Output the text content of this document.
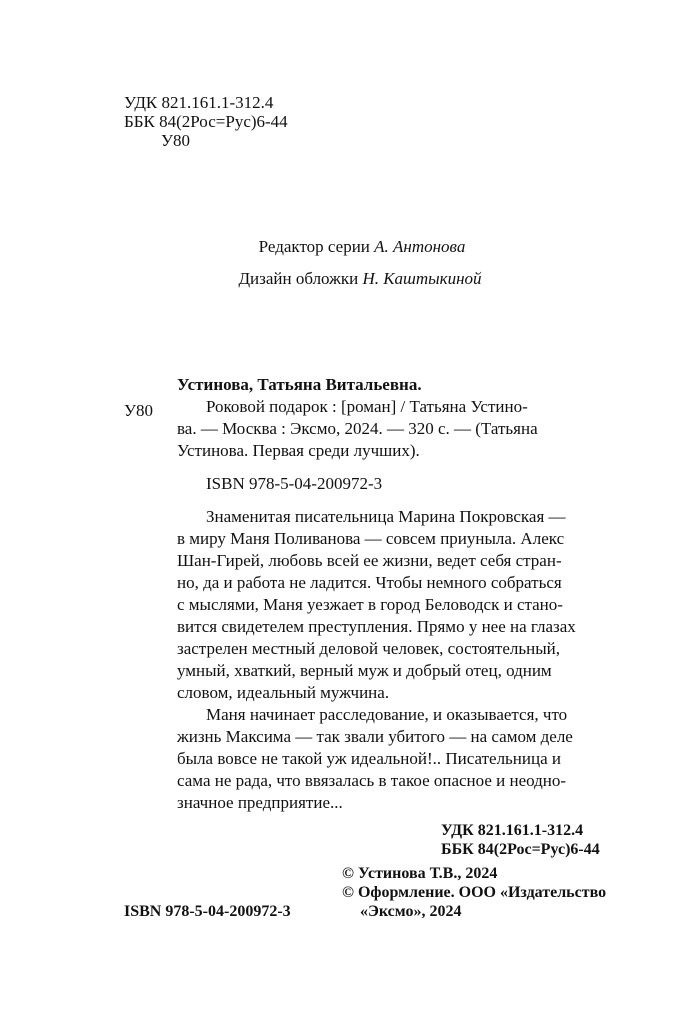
УДК 821.161.1-312.4
ББК 84(2Рос=Рус)6-44
У80
Редактор серии А. Антонова
Дизайн обложки Н. Каштыкиной
Устинова, Татьяна Витальевна.
У80	Роковой подарок : [роман] / Татьяна Устино-
ва. — Москва : Эксмо, 2024. — 320 с. — (Татьяна
Устинова. Первая среди лучших).
ISBN 978-5-04-200972-3
Знаменитая писательница Марина Покровская —
в миру Маня Поливанова — совсем приуныла. Алекс
Шан-Гирей, любовь всей ее жизни, ведет себя стран-
но, да и работа не ладится. Чтобы немного собраться
с мыслями, Маня уезжает в город Беловодск и стано-
вится свидетелем преступления. Прямо у нее на глазах
застрелен местный деловой человек, состоятельный,
умный, хваткий, верный муж и добрый отец, одним
словом, идеальный мужчина.
Маня начинает расследование, и оказывается, что
жизнь Максима — так звали убитого — на самом деле
была вовсе не такой уж идеальной!.. Писательница и
сама не рада, что ввязалась в такое опасное и неодно-
значное предприятие...
УДК 821.161.1-312.4
ББК 84(2Рос=Рус)6-44
© Устинова Т.В., 2024
© Оформление. ООО «Издательство
«Эксмо», 2024
ISBN 978-5-04-200972-3
